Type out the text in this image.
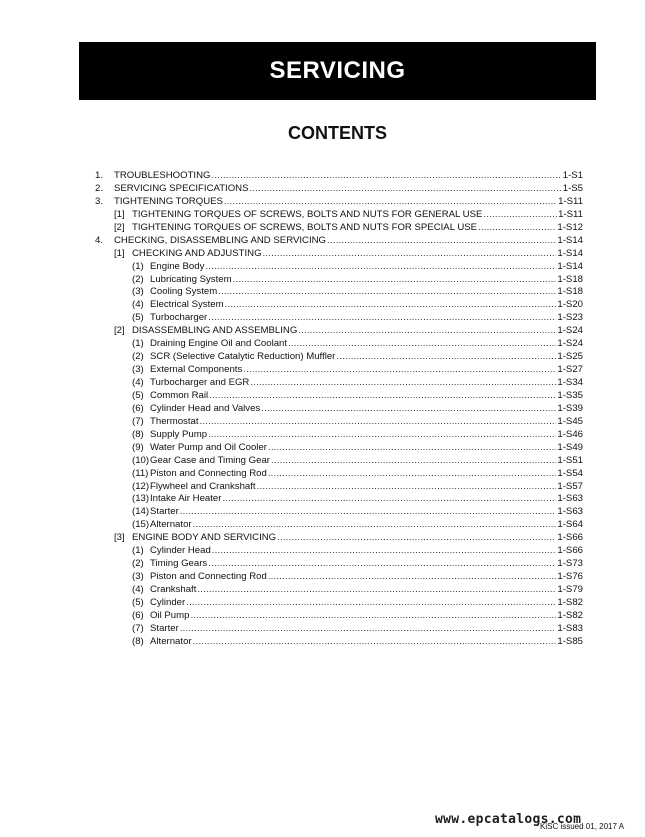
SERVICING
CONTENTS
1.	TROUBLESHOOTING .....	1-S1
2.	SERVICING SPECIFICATIONS .....	1-S5
3.	TIGHTENING TORQUES .....	1-S11
[1] TIGHTENING TORQUES OF SCREWS, BOLTS AND NUTS FOR GENERAL USE .....	1-S11
[2] TIGHTENING TORQUES OF SCREWS, BOLTS AND NUTS FOR SPECIAL USE .....	1-S12
4.	CHECKING, DISASSEMBLING AND SERVICING .....	1-S14
[1] CHECKING AND ADJUSTING .....	1-S14
(1) Engine Body .....	1-S14
(2) Lubricating System .....	1-S18
(3) Cooling System .....	1-S18
(4) Electrical System .....	1-S20
(5) Turbocharger .....	1-S23
[2] DISASSEMBLING AND ASSEMBLING .....	1-S24
(1) Draining Engine Oil and Coolant .....	1-S24
(2) SCR (Selective Catalytic Reduction) Muffler .....	1-S25
(3) External Components .....	1-S27
(4) Turbocharger and EGR .....	1-S34
(5) Common Rail .....	1-S35
(6) Cylinder Head and Valves .....	1-S39
(7) Thermostat .....	1-S45
(8) Supply Pump .....	1-S46
(9) Water Pump and Oil Cooler .....	1-S49
(10) Gear Case and Timing Gear .....	1-S51
(11) Piston and Connecting Rod .....	1-S54
(12) Flywheel and Crankshaft .....	1-S57
(13) Intake Air Heater .....	1-S63
(14) Starter .....	1-S63
(15) Alternator .....	1-S64
[3] ENGINE BODY AND SERVICING .....	1-S66
(1) Cylinder Head .....	1-S66
(2) Timing Gears .....	1-S73
(3) Piston and Connecting Rod .....	1-S76
(4) Crankshaft .....	1-S79
(5) Cylinder .....	1-S82
(6) Oil Pump .....	1-S82
(7) Starter .....	1-S83
(8) Alternator .....	1-S85
www.epcatalogs.com
KiSC issued 01, 2017 A
